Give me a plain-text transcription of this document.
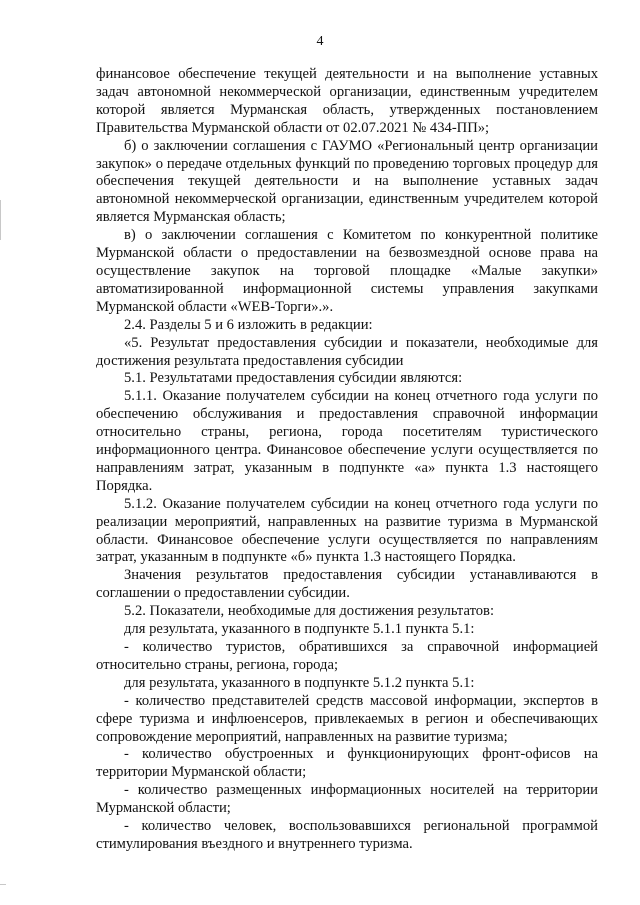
4

финансовое обеспечение текущей деятельности и на выполнение уставных задач автономной некоммерческой организации, единственным учредителем которой является Мурманская область, утвержденных постановлением Правительства Мурманской области от 02.07.2021 № 434-ПП»;

б) о заключении соглашения с ГАУМО «Региональный центр организации закупок» о передаче отдельных функций по проведению торговых процедур для обеспечения текущей деятельности и на выполнение уставных задач автономной некоммерческой организации, единственным учредителем которой является Мурманская область;

в) о заключении соглашения с Комитетом по конкурентной политике Мурманской области о предоставлении на безвозмездной основе права на осуществление закупок на торговой площадке «Малые закупки» автоматизированной информационной системы управления закупками Мурманской области «WEB-Торги».».

2.4. Разделы 5 и 6 изложить в редакции:

«5. Результат предоставления субсидии и показатели, необходимые для достижения результата предоставления субсидии

5.1. Результатами предоставления субсидии являются:

5.1.1. Оказание получателем субсидии на конец отчетного года услуги по обеспечению обслуживания и предоставления справочной информации относительно страны, региона, города посетителям туристического информационного центра. Финансовое обеспечение услуги осуществляется по направлениям затрат, указанным в подпункте «а» пункта 1.3 настоящего Порядка.

5.1.2. Оказание получателем субсидии на конец отчетного года услуги по реализации мероприятий, направленных на развитие туризма в Мурманской области. Финансовое обеспечение услуги осуществляется по направлениям затрат, указанным в подпункте «б» пункта 1.3 настоящего Порядка.

Значения результатов предоставления субсидии устанавливаются в соглашении о предоставлении субсидии.

5.2. Показатели, необходимые для достижения результатов:

для результата, указанного в подпункте 5.1.1 пункта 5.1:

- количество туристов, обратившихся за справочной информацией относительно страны, региона, города;

для результата, указанного в подпункте 5.1.2 пункта 5.1:

- количество представителей средств массовой информации, экспертов в сфере туризма и инфлюенсеров, привлекаемых в регион и обеспечивающих сопровождение мероприятий, направленных на развитие туризма;

- количество обустроенных и функционирующих фронт-офисов на территории Мурманской области;

- количество размещенных информационных носителей на территории Мурманской области;

- количество человек, воспользовавшихся региональной программой стимулирования въездного и внутреннего туризма.
